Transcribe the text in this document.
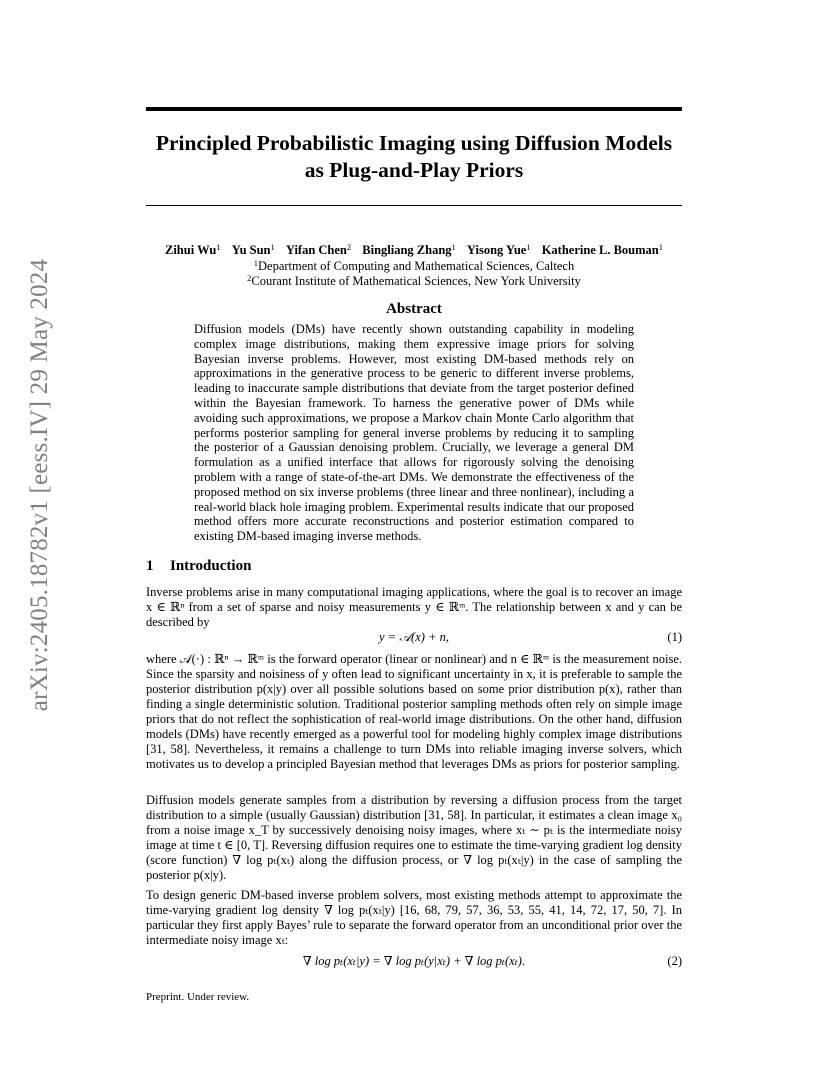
arXiv:2405.18782v1 [eess.IV] 29 May 2024
Principled Probabilistic Imaging using Diffusion Models as Plug-and-Play Priors
Zihui Wu$^1$ Yu Sun$^1$ Yifan Chen$^2$ Bingliang Zhang$^1$ Yisong Yue$^1$ Katherine L. Bouman$^1$
$^1$Department of Computing and Mathematical Sciences, Caltech
$^2$Courant Institute of Mathematical Sciences, New York University
Abstract

Diffusion models (DMs) have recently shown outstanding capability in modeling complex image distributions, making them expressive image priors for solving Bayesian inverse problems. However, most existing DM-based methods rely on approximations in the generative process to be generic to different inverse problems, leading to inaccurate sample distributions that deviate from the target posterior defined within the Bayesian framework. To harness the generative power of DMs while avoiding such approximations, we propose a Markov chain Monte Carlo algorithm that performs posterior sampling for general inverse problems by reducing it to sampling the posterior of a Gaussian denoising problem. Crucially, we leverage a general DM formulation as a unified interface that allows for rigorously solving the denoising problem with a range of state-of-the-art DMs. We demonstrate the effectiveness of the proposed method on six inverse problems (three linear and three nonlinear), including a real-world black hole imaging problem. Experimental results indicate that our proposed method offers more accurate reconstructions and posterior estimation compared to existing DM-based imaging inverse methods.

1 Introduction

Inverse problems arise in many computational imaging applications, where the goal is to recover an image x ∈ ℝⁿ from a set of sparse and noisy measurements y ∈ ℝᵐ. The relationship between x and y can be described by

y = 𝒜(x) + n,	(1)

where 𝒜(·) : ℝⁿ → ℝᵐ is the forward operator (linear or nonlinear) and n ∈ ℝᵐ is the measurement noise. Since the sparsity and noisiness of y often lead to significant uncertainty in x, it is preferable to sample the posterior distribution p(x|y) over all possible solutions based on some prior distribution p(x), rather than finding a single deterministic solution. Traditional posterior sampling methods often rely on simple image priors that do not reflect the sophistication of real-world image distributions. On the other hand, diffusion models (DMs) have recently emerged as a powerful tool for modeling highly complex image distributions [31, 58]. Nevertheless, it remains a challenge to turn DMs into reliable imaging inverse solvers, which motivates us to develop a principled Bayesian method that leverages DMs as priors for posterior sampling.

Diffusion models generate samples from a distribution by reversing a diffusion process from the target distribution to a simple (usually Gaussian) distribution [31, 58]. In particular, it estimates a clean image x₀ from a noise image x_T by successively denoising noisy images, where xₜ ∼ pₜ is the intermediate noisy image at time t ∈ [0, T]. Reversing diffusion requires one to estimate the time-varying gradient log density (score function) ∇ log pₜ(xₜ) along the diffusion process, or ∇ log pₜ(xₜ|y) in the case of sampling the posterior p(x|y).

To design generic DM-based inverse problem solvers, most existing methods attempt to approximate the time-varying gradient log density ∇ log pₜ(xₜ|y) [16, 68, 79, 57, 36, 53, 55, 41, 14, 72, 17, 50, 7]. In particular they first apply Bayes’ rule to separate the forward operator from an unconditional prior over the intermediate noisy image xₜ:

∇ log pₜ(xₜ|y) = ∇ log pₜ(y|xₜ) + ∇ log pₜ(xₜ).	(2)
Preprint. Under review.
